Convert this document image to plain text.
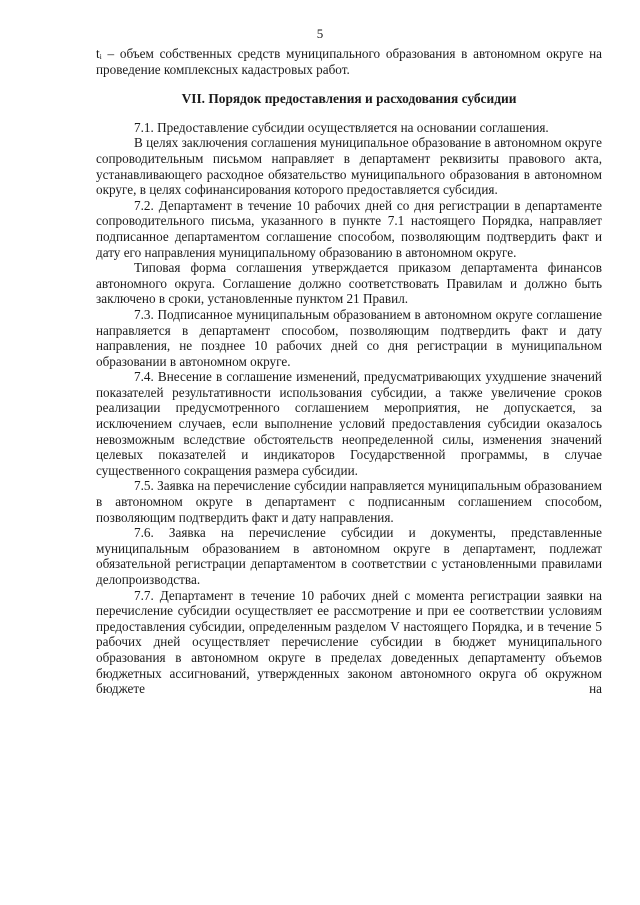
5

tᵢ – объем собственных средств муниципального образования в автономном округе на проведение комплексных кадастровых работ.

VII. Порядок предоставления и расходования субсидии

7.1. Предоставление субсидии осуществляется на основании соглашения.

В целях заключения соглашения муниципальное образование в автономном округе сопроводительным письмом направляет в департамент реквизиты правового акта, устанавливающего расходное обязательство муниципального образования в автономном округе, в целях софинансирования которого предоставляется субсидия.

7.2. Департамент в течение 10 рабочих дней со дня регистрации в департаменте сопроводительного письма, указанного в пункте 7.1 настоящего Порядка, направляет подписанное департаментом соглашение способом, позволяющим подтвердить факт и дату его направления муниципальному образованию в автономном округе.

Типовая форма соглашения утверждается приказом департамента финансов автономного округа. Соглашение должно соответствовать Правилам и должно быть заключено в сроки, установленные пунктом 21 Правил.

7.3. Подписанное муниципальным образованием в автономном округе соглашение направляется в департамент способом, позволяющим подтвердить факт и дату направления, не позднее 10 рабочих дней со дня регистрации в муниципальном образовании в автономном округе.

7.4. Внесение в соглашение изменений, предусматривающих ухудшение значений показателей результативности использования субсидии, а также увеличение сроков реализации предусмотренного соглашением мероприятия, не допускается, за исключением случаев, если выполнение условий предоставления субсидии оказалось невозможным вследствие обстоятельств неопределенной силы, изменения значений целевых показателей и индикаторов Государственной программы, в случае существенного сокращения размера субсидии.

7.5. Заявка на перечисление субсидии направляется муниципальным образованием в автономном округе в департамент с подписанным соглашением способом, позволяющим подтвердить факт и дату направления.

7.6. Заявка на перечисление субсидии и документы, представленные муниципальным образованием в автономном округе в департамент, подлежат обязательной регистрации департаментом в соответствии с установленными правилами делопроизводства.

7.7. Департамент в течение 10 рабочих дней с момента регистрации заявки на перечисление субсидии осуществляет ее рассмотрение и при ее соответствии условиям предоставления субсидии, определенным разделом V настоящего Порядка, и в течение 5 рабочих дней осуществляет перечисление субсидии в бюджет муниципального образования в автономном округе в пределах доведенных департаменту объемов бюджетных ассигнований, утвержденных законом автономного округа об окружном бюджете на
